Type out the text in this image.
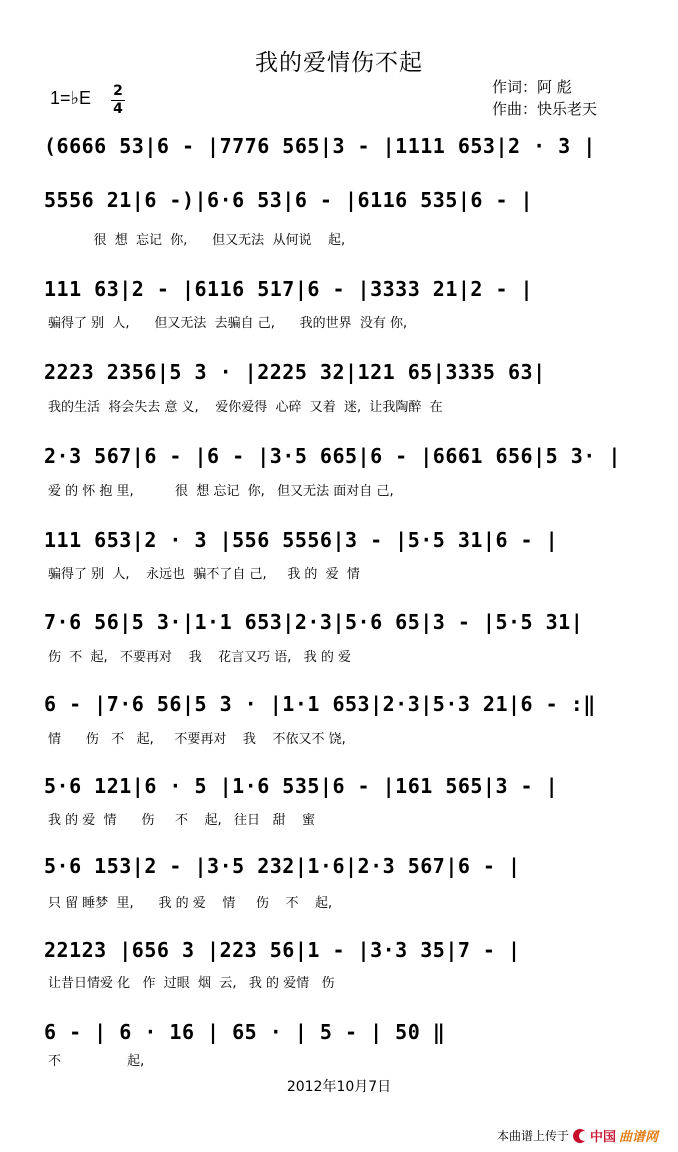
我的爱情伤不起
1=♭E 2
4
作词：阿 彪
作曲：快乐老天
(6666 53|6 - |7776 565|3 - |1111 653|2 · 3 |
5556 21|6 -)|6·6 53|6 - |6116 535|6 - |
很  想  忘记  你,      但又无法  从何说    起,
111 63|2 - |6116 517|6 - |3333 21|2 - |
骗得了 别  人,      但又无法  去骗自 己,      我的世界  没有 你,
2223 2356|5 3 · |2225 32|121 65|3335 63|
我的生活  将会失去 意 义,    爱你爱得  心碎  又着  迷,  让我陶醉  在
2·3 567|6 - |6 - |3·5 665|6 - |6661 656|5 3· |
爱 的 怀 抱 里,          很  想 忘记  你,   但又无法 面对自 己,
111 653|2 · 3 |556 5556|3 - |5·5 31|6 - |
骗得了 别  人,    永远也  骗不了自 己,     我 的  爱  情
7·6 56|5 3·|1·1 653|2·3|5·6 65|3 - |5·5 31|
伤  不  起,   不要再对    我    花言又巧 语,   我 的 爱
6 - |7·6 56|5 3 · |1·1 653|2·3|5·3 21|6 - :‖
情      伤   不   起,     不要再对    我    不依又不 饶,
5·6 121|6 · 5 |1·6 535|6 - |161 565|3 - |
我 的 爱  情      伤     不    起,   往日   甜    蜜
5·6 153|2 - |3·5 232|1·6|2·3 567|6 - |
只 留 睡梦  里,      我 的 爱    情     伤    不    起,
22123 |656 3 |223 56|1 - |3·3 35|7 - |
让昔日情爱 化   作  过眼  烟  云,   我 的 爱情   伤
6 - | 6 · 16 | 65 · | 5 - | 50 ‖
不                起,
2012年10月7日
本曲谱上传于 中国 曲谱网
